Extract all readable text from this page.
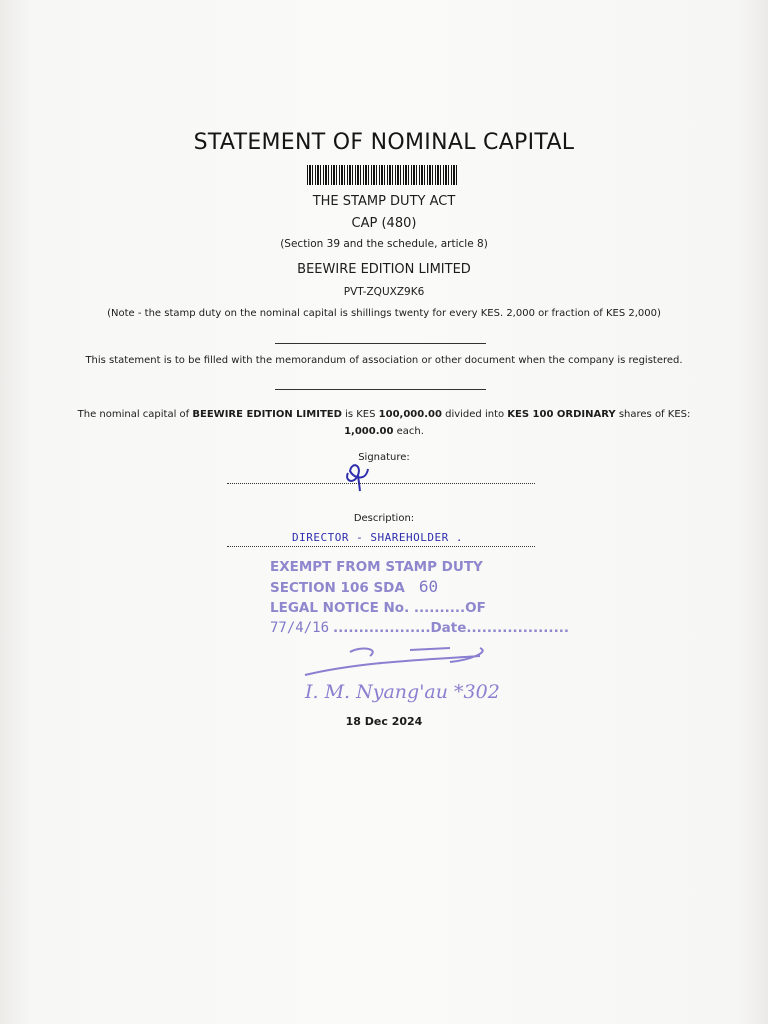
STATEMENT OF NOMINAL CAPITAL
THE STAMP DUTY ACT
CAP (480)
(Section 39 and the schedule, article 8)
BEEWIRE EDITION LIMITED
PVT-ZQUXZ9K6
(Note - the stamp duty on the nominal capital is shillings twenty for every KES. 2,000 or fraction of KES 2,000)
This statement is to be filled with the memorandum of association or other document when the company is registered.
The nominal capital of BEEWIRE EDITION LIMITED is KES 100,000.00 divided into KES 100 ORDINARY shares of KES:
1,000.00 each.
Signature:
Description:
DIRECTOR - SHAREHOLDER .
EXEMPT FROM STAMP DUTY
SECTION 106 SDA 60
LEGAL NOTICE No. ..........OF
77/4/16 ...................Date....................
I. M. Nyang'au *302
18 Dec 2024
